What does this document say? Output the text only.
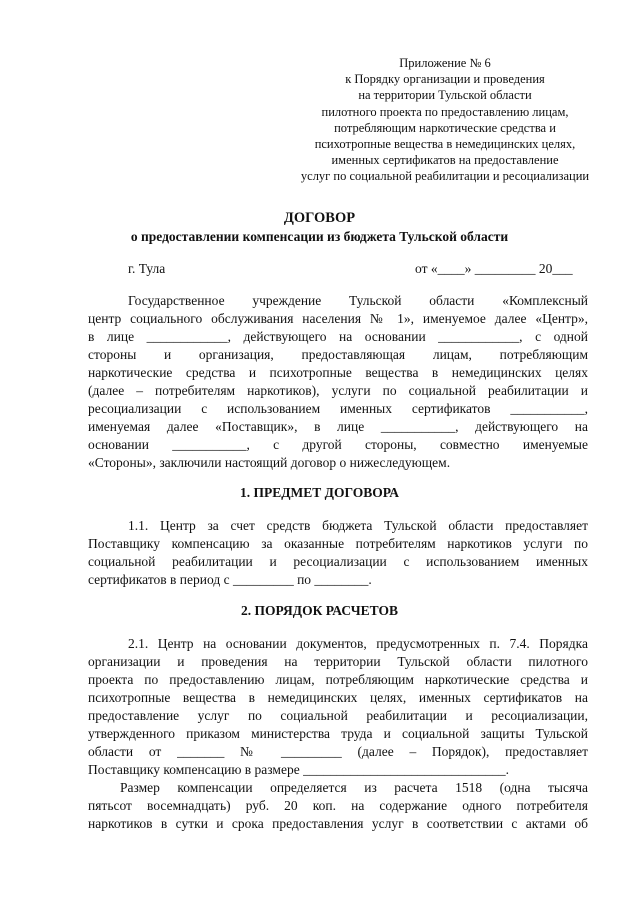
Приложение № 6
к Порядку организации и проведения
на территории Тульской области
пилотного проекта по предоставлению лицам,
потребляющим наркотические средства и
психотропные вещества в немедицинских целях,
именных сертификатов на предоставление
услуг по социальной реабилитации и ресоциализации
ДОГОВОР
о предоставлении компенсации из бюджета Тульской области
г. Тула	от «____» _________ 20___
Государственное учреждение Тульской области «Комплексный
центр социального обслуживания населения № 1», именуемое далее «Центр»,
в лице ____________, действующего на основании ____________, с одной
стороны и организация, предоставляющая лицам, потребляющим
наркотические средства и психотропные вещества в немедицинских целях
(далее – потребителям наркотиков), услуги по социальной реабилитации и
ресоциализации с использованием именных сертификатов ___________,
именуемая далее «Поставщик», в лице ___________, действующего на
основании ___________, с другой стороны, совместно именуемые
«Стороны», заключили настоящий договор о нижеследующем.
1. ПРЕДМЕТ ДОГОВОРА
1.1. Центр за счет средств бюджета Тульской области предоставляет
Поставщику компенсацию за оказанные потребителям наркотиков услуги по
социальной реабилитации и ресоциализации с использованием именных
сертификатов в период с _________ по ________.
2. ПОРЯДОК РАСЧЕТОВ
2.1. Центр на основании документов, предусмотренных п. 7.4. Порядка
организации и проведения на территории Тульской области пилотного
проекта по предоставлению лицам, потребляющим наркотические средства и
психотропные вещества в немедицинских целях, именных сертификатов на
предоставление услуг по социальной реабилитации и ресоциализации,
утвержденного приказом министерства труда и социальной защиты Тульской
области от _______ № _________ (далее – Порядок), предоставляет
Поставщику компенсацию в размере ______________________________.
Размер компенсации определяется из расчета 1518 (одна тысяча
пятьсот восемнадцать) руб. 20 коп. на содержание одного потребителя
наркотиков в сутки и срока предоставления услуг в соответствии с актами об
